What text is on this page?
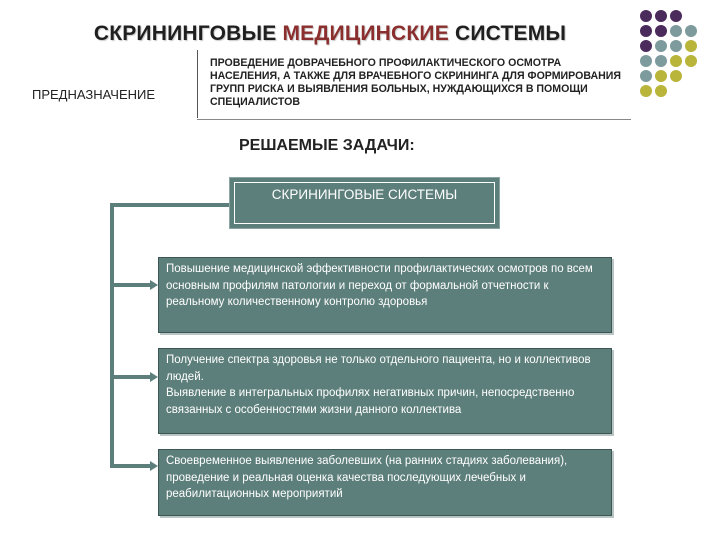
СКРИНИНГОВЫЕ МЕДИЦИНСКИЕ СИСТЕМЫ
ПРЕДНАЗНАЧЕНИЕ
ПРОВЕДЕНИЕ ДОВРАЧЕБНОГО ПРОФИЛАКТИЧЕСКОГО ОСМОТРА НАСЕЛЕНИЯ, А ТАКЖЕ ДЛЯ ВРАЧЕБНОГО СКРИНИНГА ДЛЯ ФОРМИРОВАНИЯ ГРУПП РИСКА И ВЫЯВЛЕНИЯ БОЛЬНЫХ, НУЖДАЮЩИХСЯ В ПОМОЩИ СПЕЦИАЛИСТОВ
РЕШАЕМЫЕ ЗАДАЧИ:
СКРИНИНГОВЫЕ СИСТЕМЫ
Повышение медицинской эффективности профилактических осмотров по всем основным профилям патологии и переход от формальной отчетности к реальному количественному контролю здоровья
Получение спектра здоровья не только отдельного пациента, но и коллективов людей.
Выявление в интегральных профилях негативных причин, непосредственно связанных с особенностями жизни данного коллектива
Своевременное выявление заболевших (на ранних стадиях заболевания), проведение и реальная оценка качества последующих лечебных и реабилитационных мероприятий
